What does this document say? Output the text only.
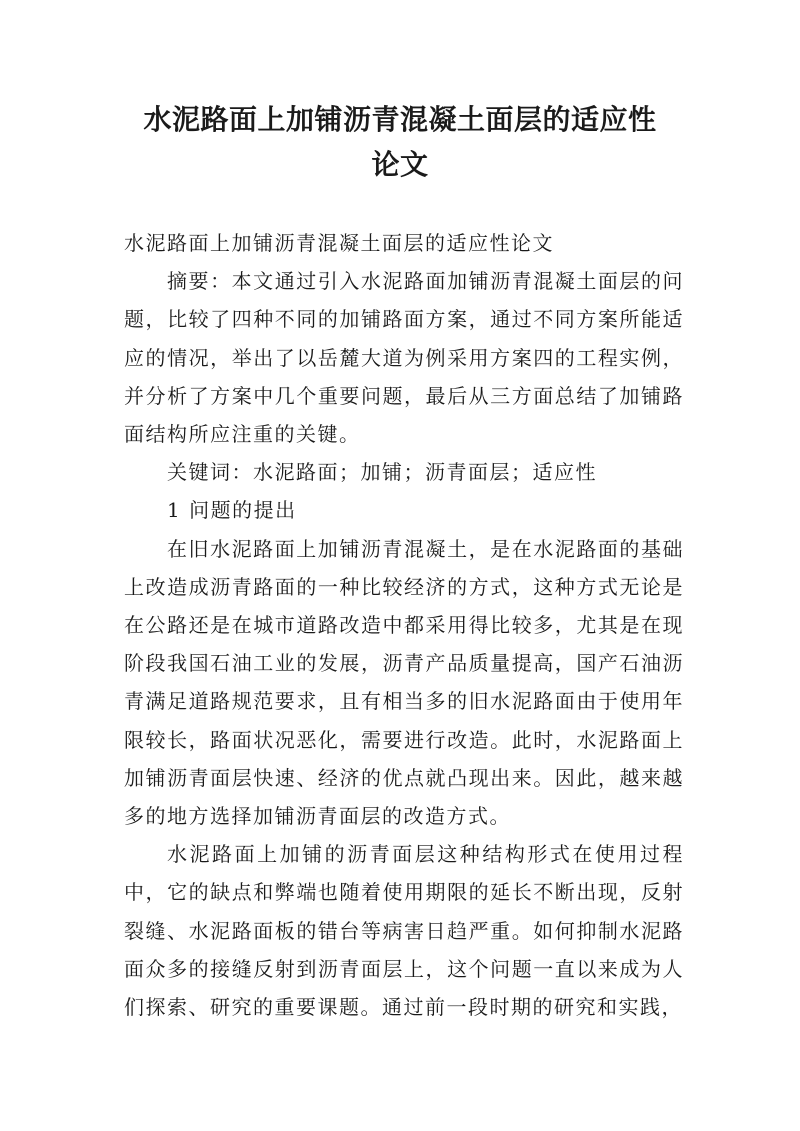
水泥路面上加铺沥青混凝土面层的适应性
论文

水泥路面上加铺沥青混凝土面层的适应性论文

摘要：本文通过引入水泥路面加铺沥青混凝土面层的问题，比较了四种不同的加铺路面方案，通过不同方案所能适应的情况，举出了以岳麓大道为例采用方案四的工程实例，并分析了方案中几个重要问题，最后从三方面总结了加铺路面结构所应注重的关键。

关键词：水泥路面；加铺；沥青面层；适应性

1 问题的提出

在旧水泥路面上加铺沥青混凝土，是在水泥路面的基础上改造成沥青路面的一种比较经济的方式，这种方式无论是在公路还是在城市道路改造中都采用得比较多，尤其是在现阶段我国石油工业的发展，沥青产品质量提高，国产石油沥青满足道路规范要求，且有相当多的旧水泥路面由于使用年限较长，路面状况恶化，需要进行改造。此时，水泥路面上加铺沥青面层快速、经济的优点就凸现出来。因此，越来越多的地方选择加铺沥青面层的改造方式。

水泥路面上加铺的沥青面层这种结构形式在使用过程中，它的缺点和弊端也随着使用期限的延长不断出现，反射裂缝、水泥路面板的错台等病害日趋严重。如何抑制水泥路面众多的接缝反射到沥青面层上，这个问题一直以来成为人们探索、研究的重要课题。通过前一段时期的研究和实践，
